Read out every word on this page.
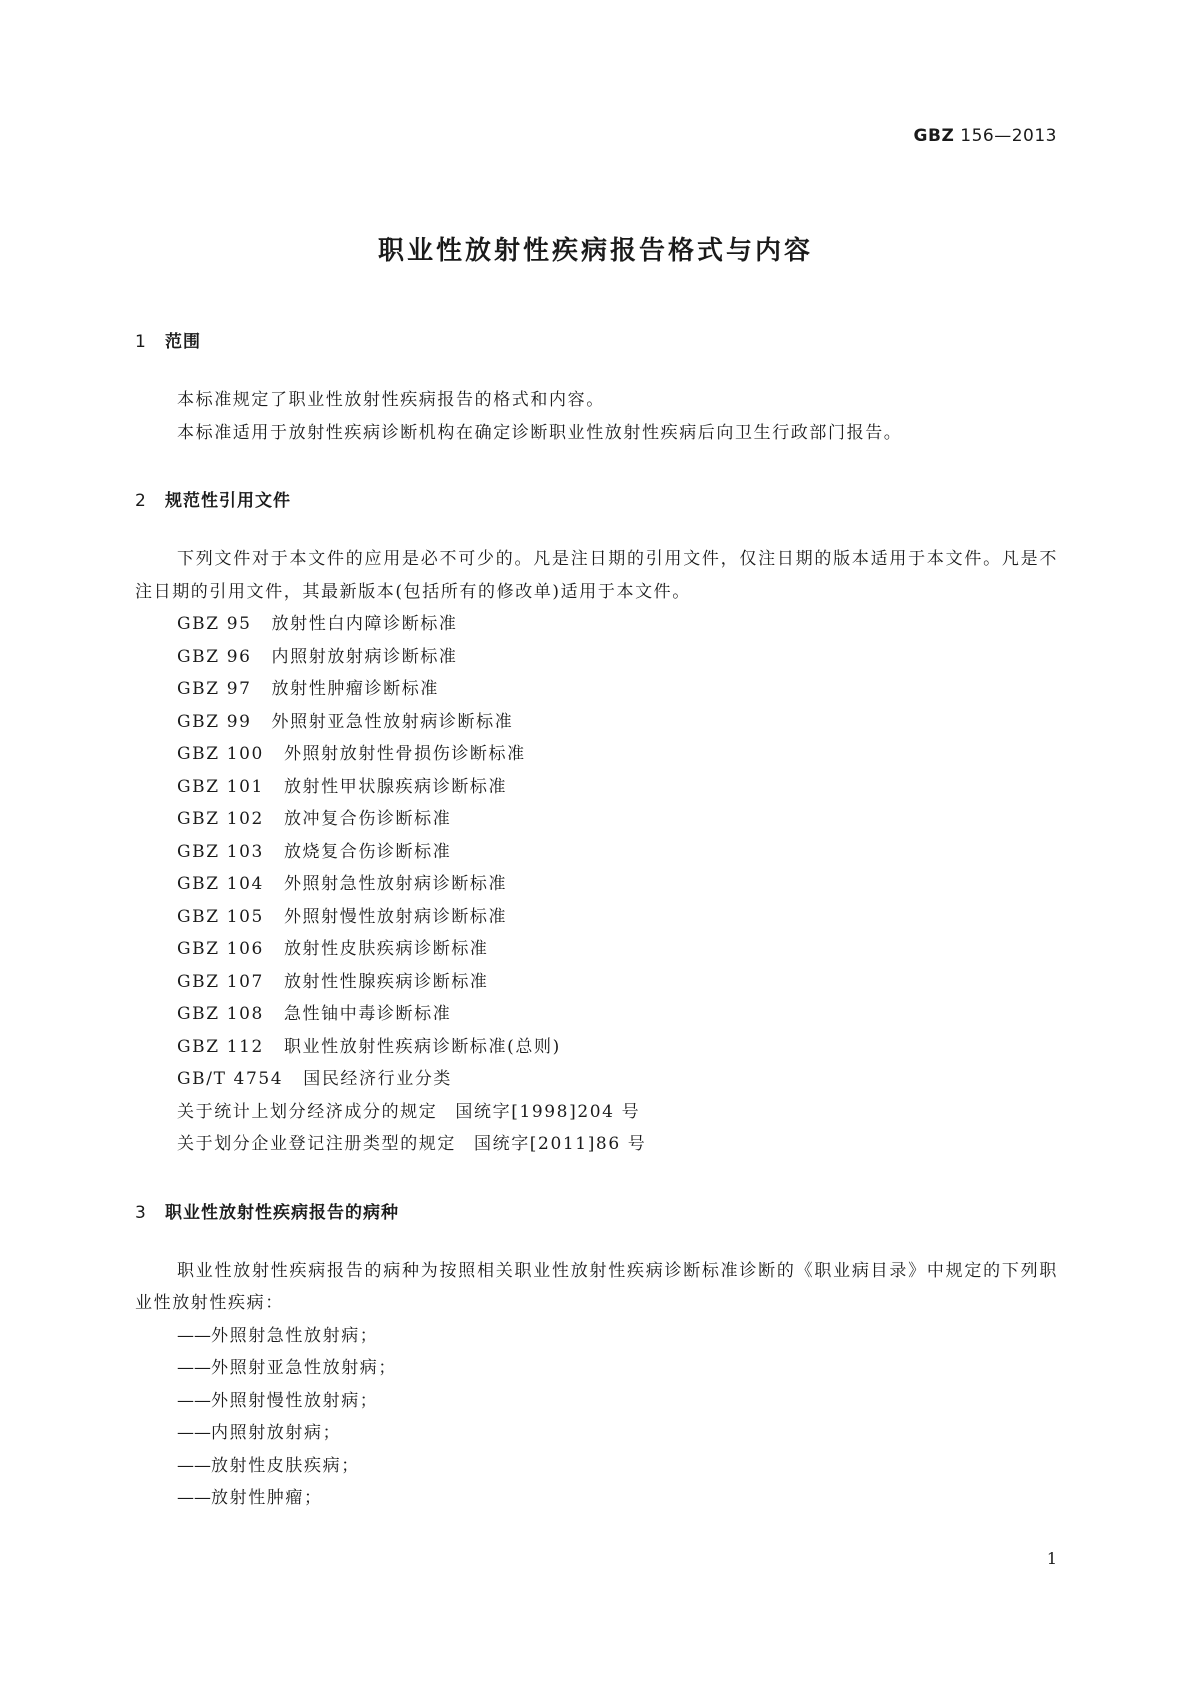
GBZ 156—2013
职业性放射性疾病报告格式与内容
1 范围
本标准规定了职业性放射性疾病报告的格式和内容。
本标准适用于放射性疾病诊断机构在确定诊断职业性放射性疾病后向卫生行政部门报告。
2 规范性引用文件
下列文件对于本文件的应用是必不可少的。凡是注日期的引用文件，仅注日期的版本适用于本文件。凡是不注日期的引用文件，其最新版本(包括所有的修改单)适用于本文件。
GBZ 95 放射性白内障诊断标准
GBZ 96 内照射放射病诊断标准
GBZ 97 放射性肿瘤诊断标准
GBZ 99 外照射亚急性放射病诊断标准
GBZ 100 外照射放射性骨损伤诊断标准
GBZ 101 放射性甲状腺疾病诊断标准
GBZ 102 放冲复合伤诊断标准
GBZ 103 放烧复合伤诊断标准
GBZ 104 外照射急性放射病诊断标准
GBZ 105 外照射慢性放射病诊断标准
GBZ 106 放射性皮肤疾病诊断标准
GBZ 107 放射性性腺疾病诊断标准
GBZ 108 急性铀中毒诊断标准
GBZ 112 职业性放射性疾病诊断标准(总则)
GB/T 4754 国民经济行业分类
关于统计上划分经济成分的规定 国统字[1998]204 号
关于划分企业登记注册类型的规定 国统字[2011]86 号
3 职业性放射性疾病报告的病种
职业性放射性疾病报告的病种为按照相关职业性放射性疾病诊断标准诊断的《职业病目录》中规定的下列职业性放射性疾病：
——外照射急性放射病；
——外照射亚急性放射病；
——外照射慢性放射病；
——内照射放射病；
——放射性皮肤疾病；
——放射性肿瘤；
1
